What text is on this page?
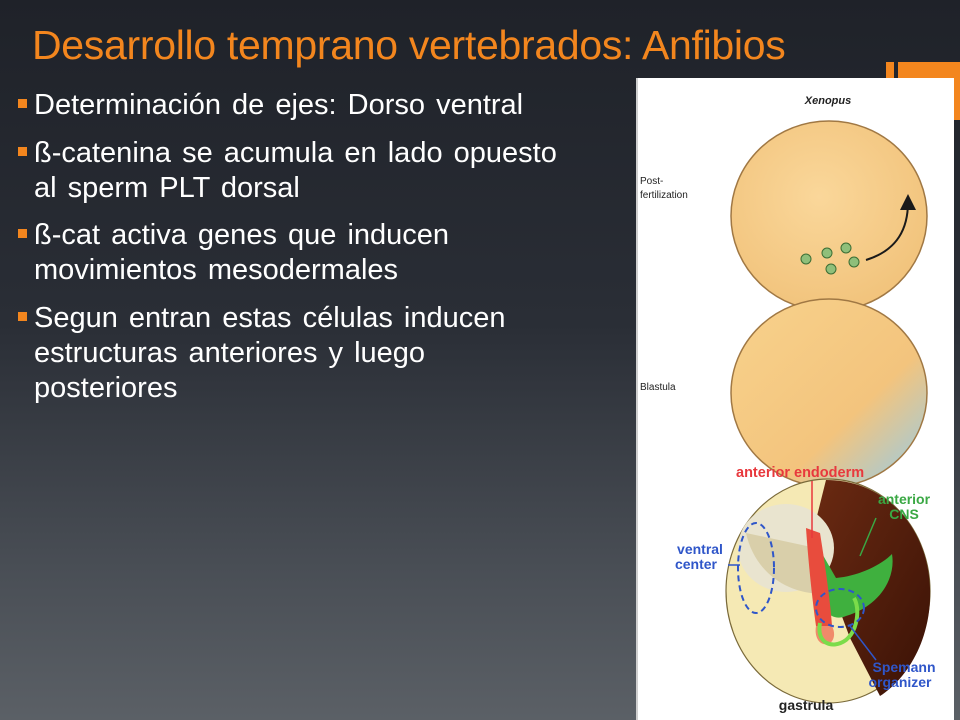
Desarrollo temprano vertebrados: Anfibios
Determinación de ejes: Dorso ventral
ß-catenina se acumula en lado opuesto al sperm PLT dorsal
ß-cat activa genes que inducen movimientos mesodermales
Segun entran estas células inducen estructuras anteriores y luego posteriores
Xenopus
Post-
fertilization
Blastula
anterior endoderm
anterior
CNS
ventral
center
Spemann
organizer
gastrula
